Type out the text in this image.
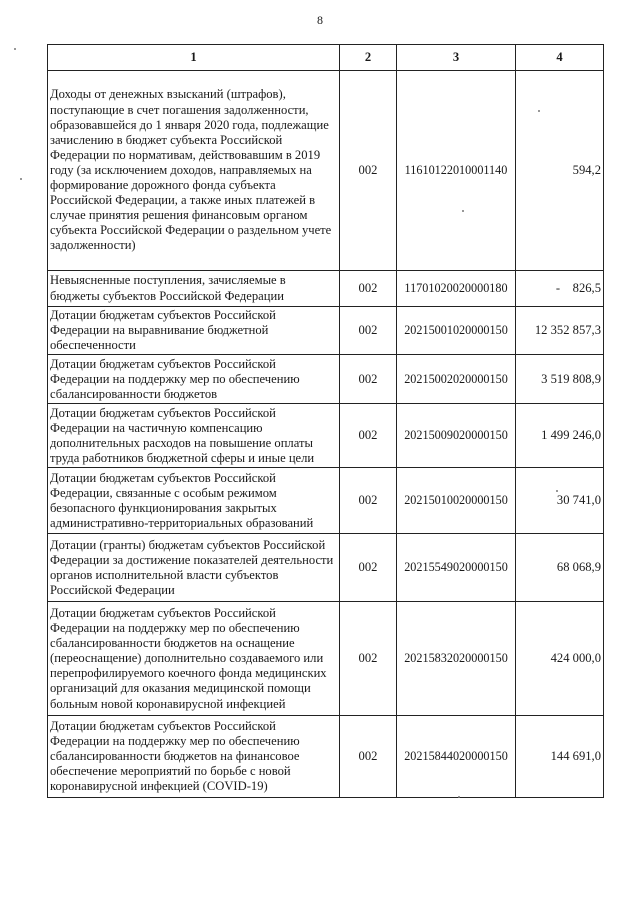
8
1	2	3	4
Доходы от денежных взысканий (штрафов), поступающие в счет погашения задолженности, образовавшейся до 1 января 2020 года, подлежащие зачислению в бюджет субъекта Российской Федерации по нормативам, действовавшим в 2019 году (за исключением доходов, направляемых на формирование дорожного фонда субъекта Российской Федерации, а также иных платежей в случае принятия решения финансовым органом субъекта Российской Федерации о раздельном учете задолженности)	002	11610122010001140	594,2
Невыясненные поступления, зачисляемые в бюджеты субъектов Российской Федерации	002	11701020020000180	-    826,5
Дотации бюджетам субъектов Российской Федерации на выравнивание бюджетной обеспеченности	002	20215001020000150	12 352 857,3
Дотации бюджетам субъектов Российской Федерации на поддержку мер по обеспечению сбалансированности бюджетов	002	20215002020000150	3 519 808,9
Дотации бюджетам субъектов Российской Федерации на частичную компенсацию дополнительных расходов на повышение оплаты труда работников бюджетной сферы и иные цели	002	20215009020000150	1 499 246,0
Дотации бюджетам субъектов Российской Федерации, связанные с особым режимом безопасного функционирования закрытых административно-территориальных образований	002	20215010020000150	30 741,0
Дотации (гранты) бюджетам субъектов Российской Федерации за достижение показателей деятельности органов исполнительной власти субъектов Российской Федерации	002	20215549020000150	68 068,9
Дотации бюджетам субъектов Российской Федерации на поддержку мер по обеспечению сбалансированности бюджетов на оснащение (переоснащение) дополнительно создаваемого или перепрофилируемого коечного фонда медицинских организаций для оказания медицинской помощи больным новой коронавирусной инфекцией	002	20215832020000150	424 000,0
Дотации бюджетам субъектов Российской Федерации на поддержку мер по обеспечению сбалансированности бюджетов на финансовое обеспечение мероприятий по борьбе с новой коронавирусной инфекцией (COVID-19)	002	20215844020000150	144 691,0
